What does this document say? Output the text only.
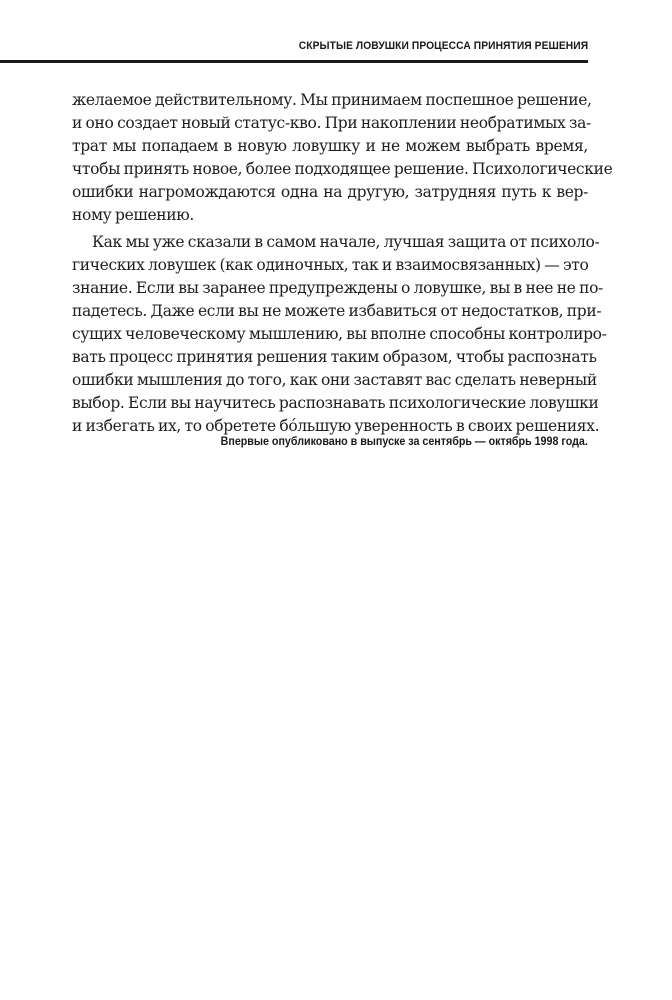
СКРЫТЫЕ ЛОВУШКИ ПРОЦЕССА ПРИНЯТИЯ РЕШЕНИЯ
желаемое действительному. Мы принимаем поспешное решение,
и оно создает новый статус-кво. При накоплении необратимых за-
трат мы попадаем в новую ловушку и не можем выбрать время,
чтобы принять новое, более подходящее решение. Психологические
ошибки нагромождаются одна на другую, затрудняя путь к вер-
ному решению.
Как мы уже сказали в самом начале, лучшая защита от психоло-
гических ловушек (как одиночных, так и взаимосвязанных) — это
знание. Если вы заранее предупреждены о ловушке, вы в нее не по-
падетесь. Даже если вы не можете избавиться от недостатков, при-
сущих человеческому мышлению, вы вполне способны контролиро-
вать процесс принятия решения таким образом, чтобы распознать
ошибки мышления до того, как они заставят вас сделать неверный
выбор. Если вы научитесь распознавать психологические ловушки
и избегать их, то обретете бóльшую уверенность в своих решениях.
Впервые опубликовано в выпуске за сентябрь — октябрь 1998 года.
